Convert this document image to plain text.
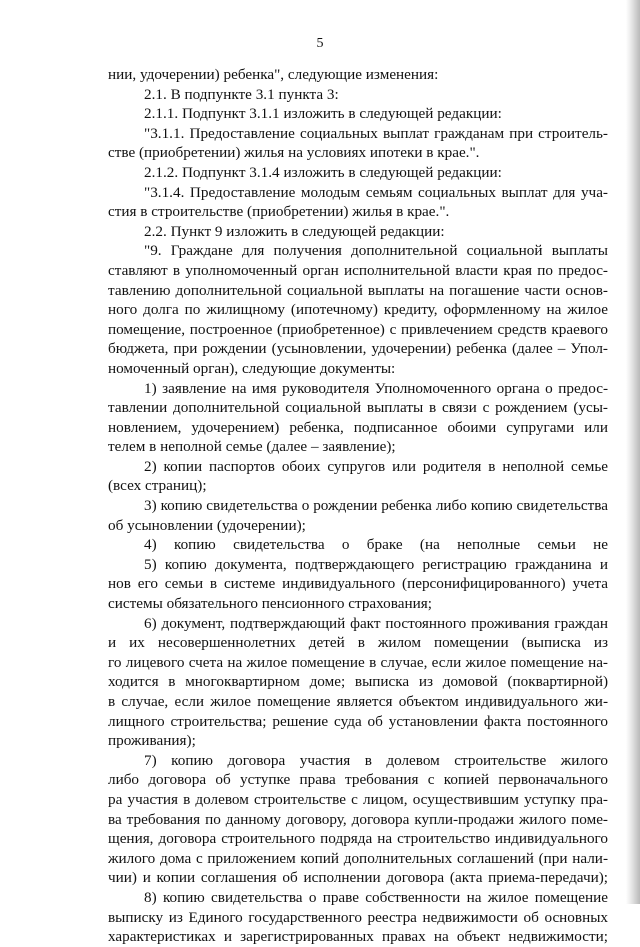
5
нии, удочерении) ребенка", следующие изменения:
2.1. В подпункте 3.1 пункта 3:
2.1.1. Подпункт 3.1.1 изложить в следующей редакции:
"3.1.1. Предоставление социальных выплат гражданам при строитель-
стве (приобретении) жилья на условиях ипотеки в крае.".
2.1.2. Подпункт 3.1.4 изложить в следующей редакции:
"3.1.4. Предоставление молодым семьям социальных выплат для уча-
стия в строительстве (приобретении) жилья в крае.".
2.2. Пункт 9 изложить в следующей редакции:
"9. Граждане для получения дополнительной социальной выплаты
ставляют в уполномоченный орган исполнительной власти края по предос-
тавлению дополнительной социальной выплаты на погашение части основ-
ного долга по жилищному (ипотечному) кредиту, оформленному на жилое
помещение, построенное (приобретенное) с привлечением средств краевого
бюджета, при рождении (усыновлении, удочерении) ребенка (далее – Упол-
номоченный орган), следующие документы:
1) заявление на имя руководителя Уполномоченного органа о предос-
тавлении дополнительной социальной выплаты в связи с рождением (усы-
новлением, удочерением) ребенка, подписанное обоими супругами или
телем в неполной семье (далее – заявление);
2) копии паспортов обоих супругов или родителя в неполной семье
(всех страниц);
3) копию свидетельства о рождении ребенка либо копию свидетельства
об усыновлении (удочерении);
4) копию свидетельства о браке (на неполные семьи не
5) копию документа, подтверждающего регистрацию гражданина и
нов его семьи в системе индивидуального (персонифицированного) учета
системы обязательного пенсионного страхования;
6) документ, подтверждающий факт постоянного проживания граждан
и их несовершеннолетних детей в жилом помещении (выписка из
го лицевого счета на жилое помещение в случае, если жилое помещение на-
ходится в многоквартирном доме; выписка из домовой (поквартирной)
в случае, если жилое помещение является объектом индивидуального жи-
лищного строительства; решение суда об установлении факта постоянного
проживания);
7) копию договора участия в долевом строительстве жилого
либо договора об уступке права требования с копией первоначального
ра участия в долевом строительстве с лицом, осуществившим уступку пра-
ва требования по данному договору, договора купли-продажи жилого поме-
щения, договора строительного подряда на строительство индивидуального
жилого дома с приложением копий дополнительных соглашений (при нали-
чии) и копии соглашения об исполнении договора (акта приема-передачи);
8) копию свидетельства о праве собственности на жилое помещение
выписку из Единого государственного реестра недвижимости об основных
характеристиках и зарегистрированных правах на объект недвижимости;
